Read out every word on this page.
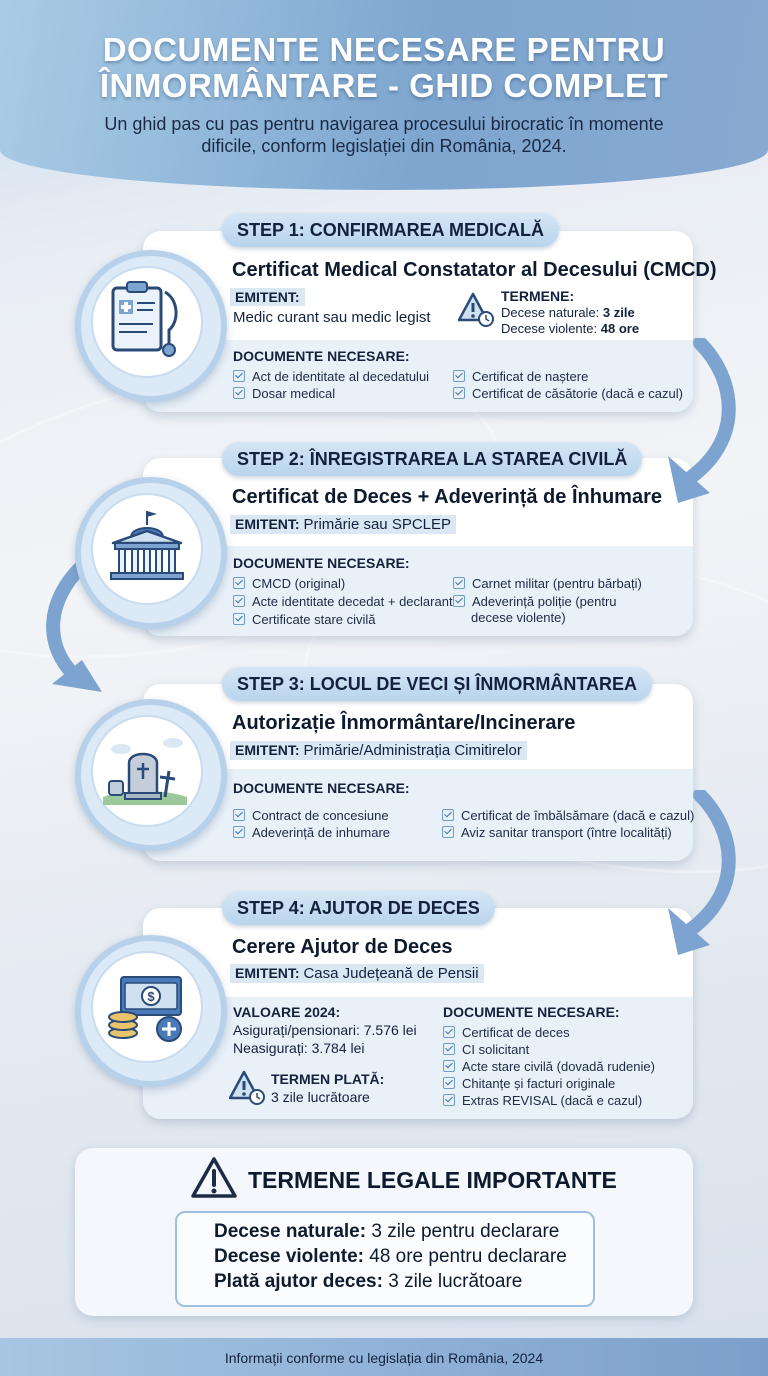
DOCUMENTE NECESARE PENTRU
ÎNMORMÂNTARE - GHID COMPLET
Un ghid pas cu pas pentru navigarea procesului birocratic în momente
dificile, conform legislației din România, 2024.
STEP 1: CONFIRMAREA MEDICALĂ
Certificat Medical Constatator al Decesului (CMCD)
EMITENT:
Medic curant sau medic legist
TERMENE:
Decese naturale: 3 zile
Decese violente: 48 ore
DOCUMENTE NECESARE:
Act de identitate al decedatului	Certificat de naștere
Dosar medical	Certificat de căsătorie (dacă e cazul)
STEP 2: ÎNREGISTRAREA LA STAREA CIVILĂ
Certificat de Deces + Adeverință de Înhumare
EMITENT: Primărie sau SPCLEP
DOCUMENTE NECESARE:
CMCD (original)
Acte identitate decedat + declarant
Certificate stare civilă
Carnet militar (pentru bărbați)
Adeverință poliție (pentru
decese violente)
STEP 3: LOCUL DE VECI ȘI ÎNMORMÂNTAREA
Autorizație Înmormântare/Incinerare
EMITENT: Primărie/Administrația Cimitirelor
DOCUMENTE NECESARE:
Contract de concesiune
Adeverință de inhumare
Certificat de îmbălsămare (dacă e cazul)
Aviz sanitar transport (între localități)
STEP 4: AJUTOR DE DECES
$
Cerere Ajutor de Deces
EMITENT: Casa Județeană de Pensii
VALOARE 2024:
Asigurați/pensionari: 7.576 lei
Neasigurați: 3.784 lei
TERMEN PLATĂ:
3 zile lucrătoare
DOCUMENTE NECESARE:
Certificat de deces
CI solicitant
Acte stare civilă (dovadă rudenie)
Chitanțe și facturi originale
Extras REVISAL (dacă e cazul)
TERMENE LEGALE IMPORTANTE
Decese naturale: 3 zile pentru declarare
Decese violente: 48 ore pentru declarare
Plată ajutor deces: 3 zile lucrătoare
Informații conforme cu legislația din România, 2024
